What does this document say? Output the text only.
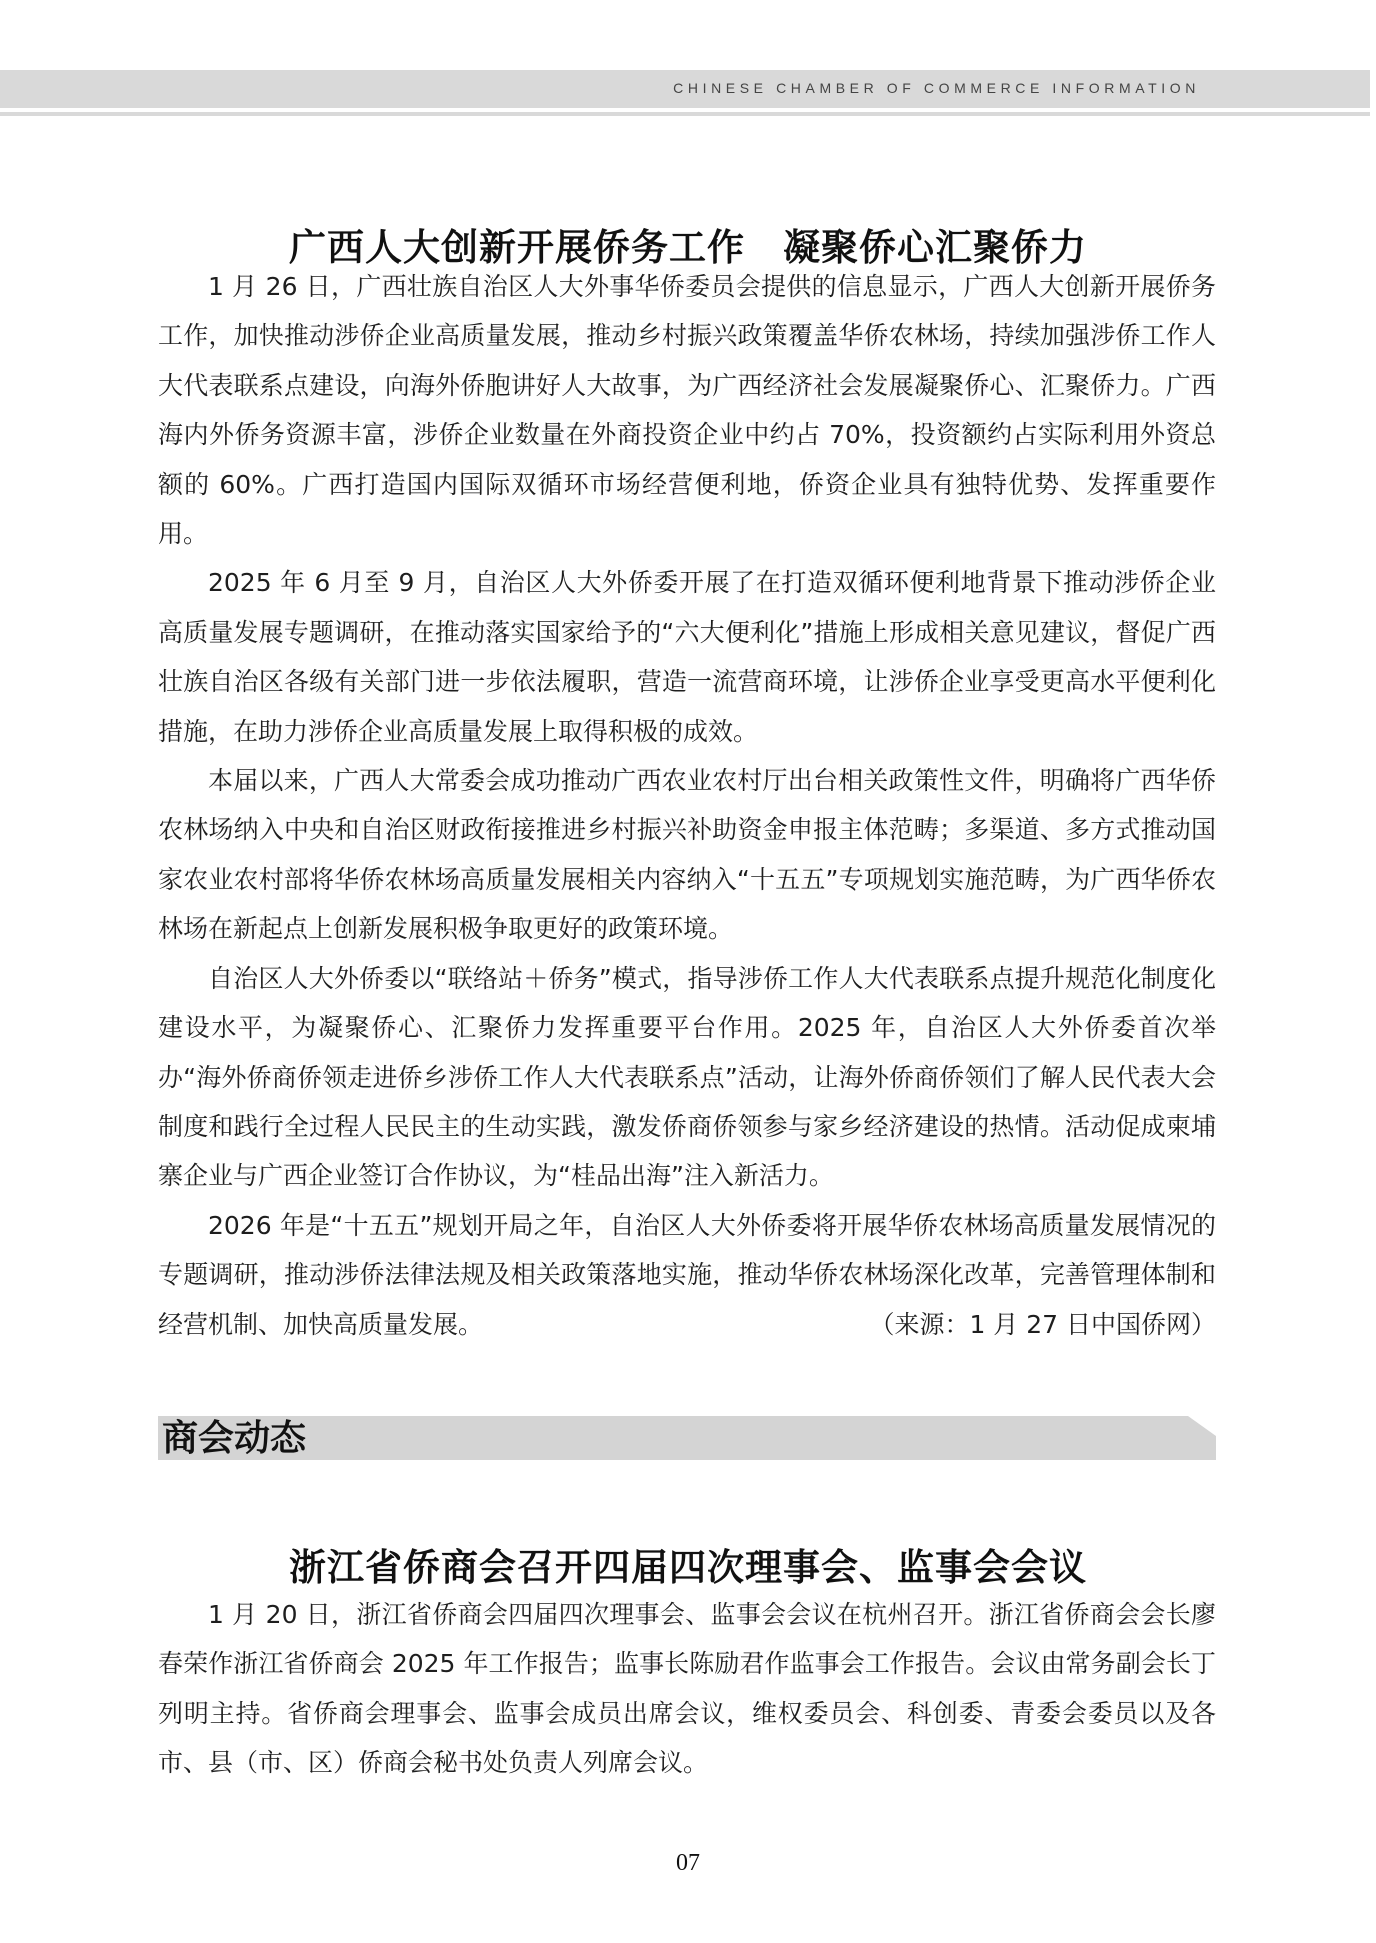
CHINESE CHAMBER OF COMMERCE INFORMATION
广西人大创新开展侨务工作　凝聚侨心汇聚侨力

1 月 26 日，广西壮族自治区人大外事华侨委员会提供的信息显示，广西人大创新开展侨务工作，加快推动涉侨企业高质量发展，推动乡村振兴政策覆盖华侨农林场，持续加强涉侨工作人大代表联系点建设，向海外侨胞讲好人大故事，为广西经济社会发展凝聚侨心、汇聚侨力。广西海内外侨务资源丰富，涉侨企业数量在外商投资企业中约占 70%，投资额约占实际利用外资总额的 60%。广西打造国内国际双循环市场经营便利地，侨资企业具有独特优势、发挥重要作用。

2025 年 6 月至 9 月，自治区人大外侨委开展了在打造双循环便利地背景下推动涉侨企业高质量发展专题调研，在推动落实国家给予的“六大便利化”措施上形成相关意见建议，督促广西壮族自治区各级有关部门进一步依法履职，营造一流营商环境，让涉侨企业享受更高水平便利化措施，在助力涉侨企业高质量发展上取得积极的成效。

本届以来，广西人大常委会成功推动广西农业农村厅出台相关政策性文件，明确将广西华侨农林场纳入中央和自治区财政衔接推进乡村振兴补助资金申报主体范畴；多渠道、多方式推动国家农业农村部将华侨农林场高质量发展相关内容纳入“十五五”专项规划实施范畴，为广西华侨农林场在新起点上创新发展积极争取更好的政策环境。

自治区人大外侨委以“联络站＋侨务”模式，指导涉侨工作人大代表联系点提升规范化制度化建设水平，为凝聚侨心、汇聚侨力发挥重要平台作用。2025 年，自治区人大外侨委首次举办“海外侨商侨领走进侨乡涉侨工作人大代表联系点”活动，让海外侨商侨领们了解人民代表大会制度和践行全过程人民民主的生动实践，激发侨商侨领参与家乡经济建设的热情。活动促成柬埔寨企业与广西企业签订合作协议，为“桂品出海”注入新活力。

2026 年是“十五五”规划开局之年，自治区人大外侨委将开展华侨农林场高质量发展情况的专题调研，推动涉侨法律法规及相关政策落地实施，推动华侨农林场深化改革，完善管理体制和经营机制、加快高质量发展。	（来源：1 月 27 日中国侨网）
商会动态
浙江省侨商会召开四届四次理事会、监事会会议

1 月 20 日，浙江省侨商会四届四次理事会、监事会会议在杭州召开。浙江省侨商会会长廖春荣作浙江省侨商会 2025 年工作报告；监事长陈励君作监事会工作报告。会议由常务副会长丁列明主持。省侨商会理事会、监事会成员出席会议，维权委员会、科创委、青委会委员以及各市、县（市、区）侨商会秘书处负责人列席会议。

07
